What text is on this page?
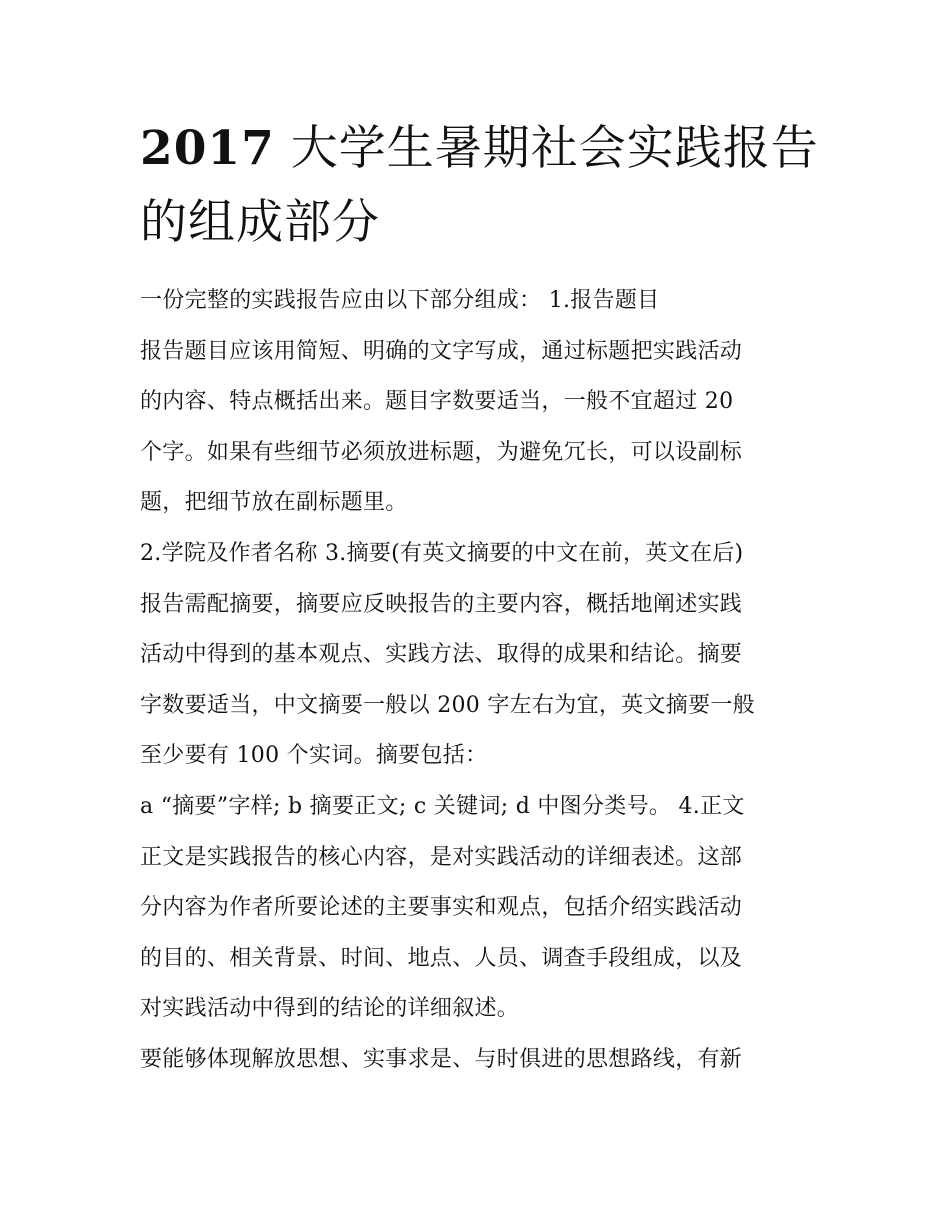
2017 大学生暑期社会实践报告的组成部分
一份完整的实践报告应由以下部分组成： 1.报告题目
报告题目应该用简短、明确的文字写成，通过标题把实践活动
的内容、特点概括出来。题目字数要适当，一般不宜超过 20
个字。如果有些细节必须放进标题，为避免冗长，可以设副标
题，把细节放在副标题里。
2.学院及作者名称 3.摘要(有英文摘要的中文在前，英文在后)
报告需配摘要，摘要应反映报告的主要内容，概括地阐述实践
活动中得到的基本观点、实践方法、取得的成果和结论。摘要
字数要适当，中文摘要一般以 200 字左右为宜，英文摘要一般
至少要有 100 个实词。摘要包括：
a “摘要”字样; b 摘要正文; c 关键词; d 中图分类号。 4.正文
正文是实践报告的核心内容，是对实践活动的详细表述。这部
分内容为作者所要论述的主要事实和观点，包括介绍实践活动
的目的、相关背景、时间、地点、人员、调查手段组成，以及
对实践活动中得到的结论的详细叙述。
要能够体现解放思想、实事求是、与时俱进的思想路线，有新
